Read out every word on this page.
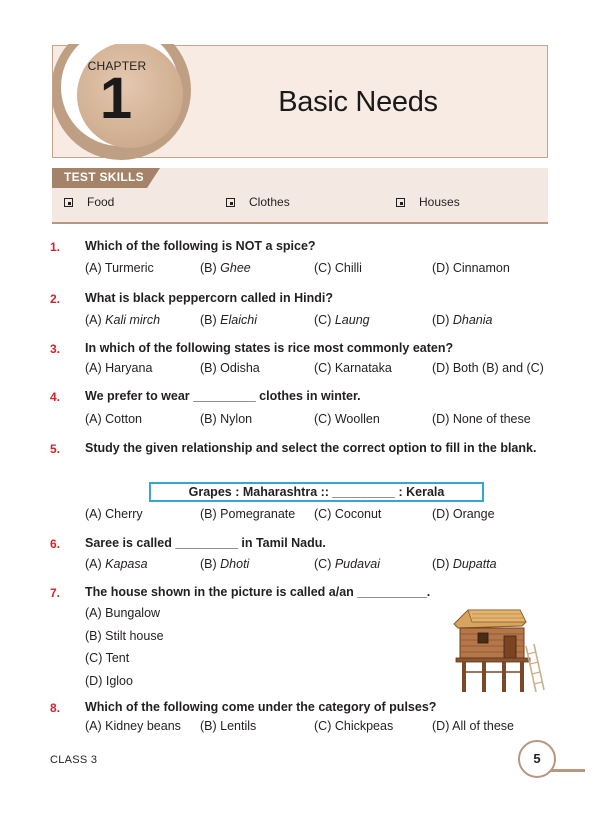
CHAPTER
1	Basic Needs
TEST SKILLS
Food	Clothes	Houses
1. Which of the following is NOT a spice?
(A) Turmeric	(B) Ghee	(C) Chilli	(D) Cinnamon
2. What is black peppercorn called in Hindi?
(A) Kali mirch	(B) Elaichi	(C) Laung	(D) Dhania
3. In which of the following states is rice most commonly eaten?
(A) Haryana	(B) Odisha	(C) Karnataka	(D) Both (B) and (C)
4. We prefer to wear _________ clothes in winter.
(A) Cotton	(B) Nylon	(C) Woollen	(D) None of these
5. Study the given relationship and select the correct option to fill in the blank.
Grapes : Maharashtra :: _________ : Kerala
(A) Cherry	(B) Pomegranate (C) Coconut	(D) Orange
6. Saree is called _________ in Tamil Nadu.
(A) Kapasa	(B) Dhoti	(C) Pudavai	(D) Dupatta
7. The house shown in the picture is called a/an __________.
(A) Bungalow
(B) Stilt house
(C) Tent
(D) Igloo
8. Which of the following come under the category of pulses?
(A) Kidney beans (B) Lentils	(C) Chickpeas	(D) All of these
CLASS 3	5
